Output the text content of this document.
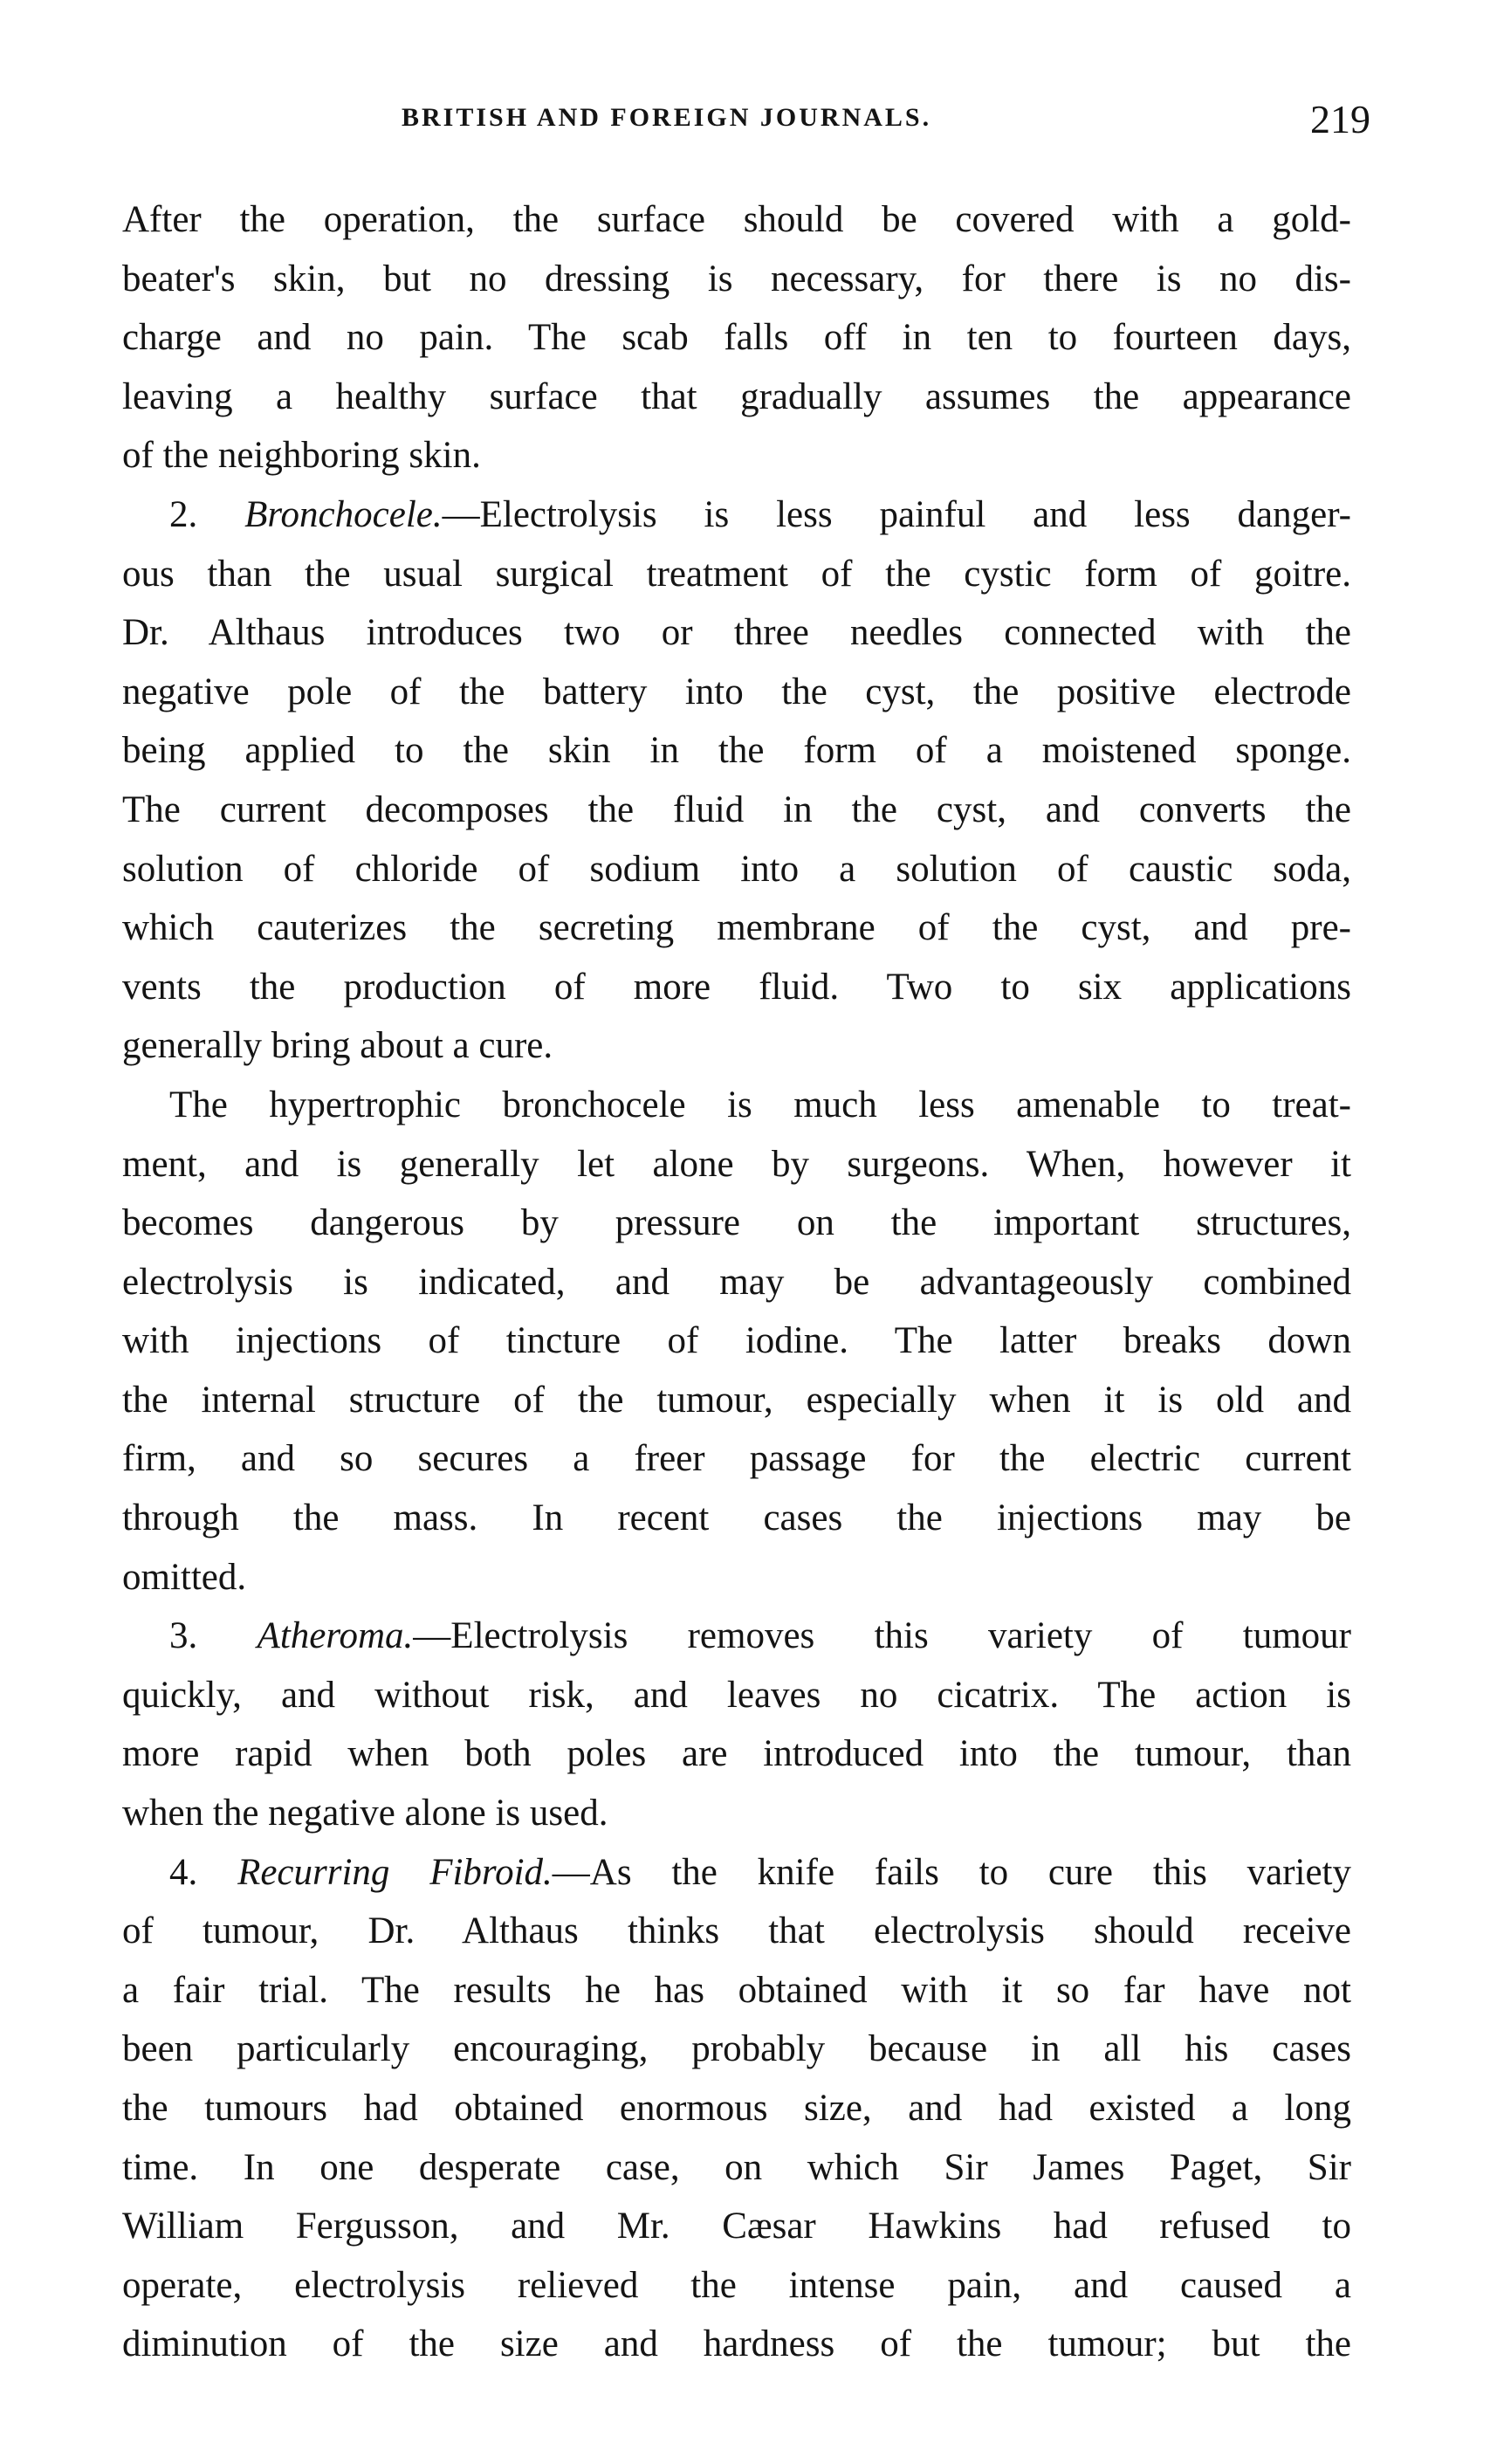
BRITISH AND FOREIGN JOURNALS.	219
After the operation, the surface should be covered with a gold-
beater's skin, but no dressing is necessary, for there is no dis-
charge and no pain. The scab falls off in ten to fourteen days,
leaving a healthy surface that gradually assumes the appearance
of the neighboring skin.
2. Bronchocele.—Electrolysis is less painful and less danger-
ous than the usual surgical treatment of the cystic form of goitre.
Dr. Althaus introduces two or three needles connected with the
negative pole of the battery into the cyst, the positive electrode
being applied to the skin in the form of a moistened sponge.
The current decomposes the fluid in the cyst, and converts the
solution of chloride of sodium into a solution of caustic soda,
which cauterizes the secreting membrane of the cyst, and pre-
vents the production of more fluid. Two to six applications
generally bring about a cure.
The hypertrophic bronchocele is much less amenable to treat-
ment, and is generally let alone by surgeons. When, however it
becomes dangerous by pressure on the important structures,
electrolysis is indicated, and may be advantageously combined
with injections of tincture of iodine. The latter breaks down
the internal structure of the tumour, especially when it is old and
firm, and so secures a freer passage for the electric current
through the mass. In recent cases the injections may be
omitted.
3. Atheroma.—Electrolysis removes this variety of tumour
quickly, and without risk, and leaves no cicatrix. The action is
more rapid when both poles are introduced into the tumour, than
when the negative alone is used.
4. Recurring Fibroid.—As the knife fails to cure this variety
of tumour, Dr. Althaus thinks that electrolysis should receive
a fair trial. The results he has obtained with it so far have not
been particularly encouraging, probably because in all his cases
the tumours had obtained enormous size, and had existed a long
time. In one desperate case, on which Sir James Paget, Sir
William Fergusson, and Mr. Cæsar Hawkins had refused to
operate, electrolysis relieved the intense pain, and caused a
diminution of the size and hardness of the tumour; but the
